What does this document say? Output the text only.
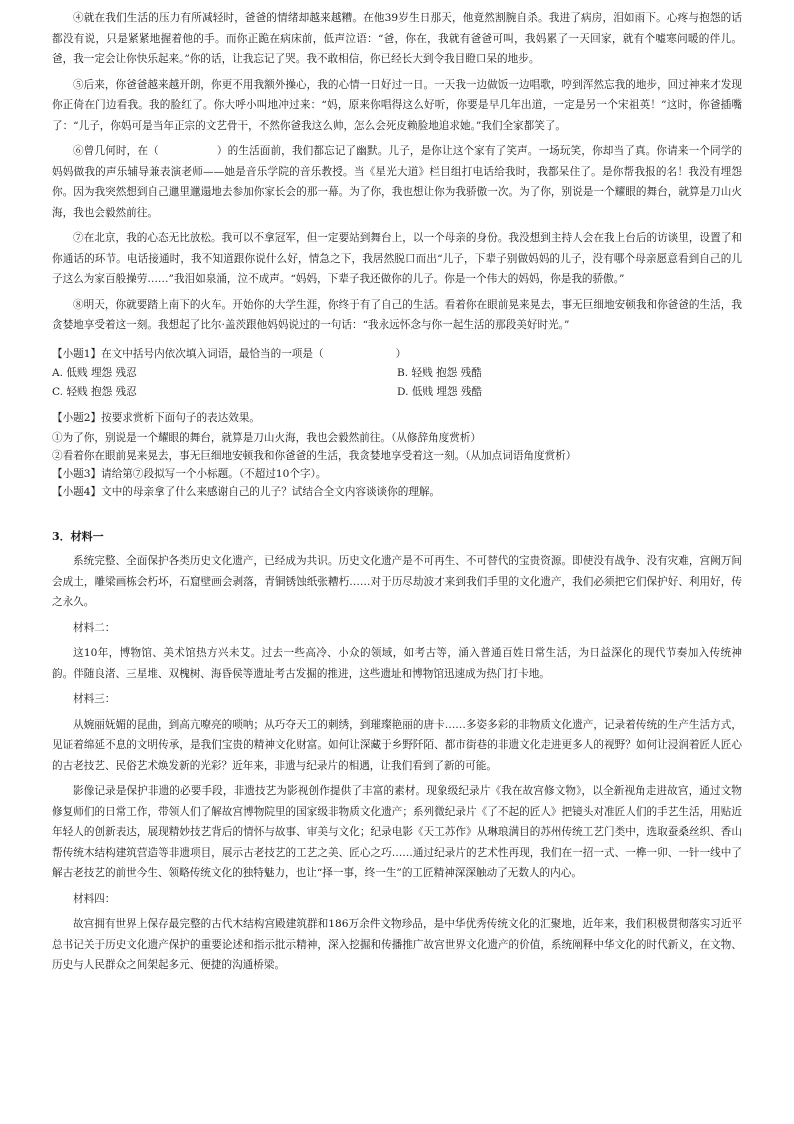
④就在我们生活的压力有所减轻时，爸爸的情绪却越来越糟。在他39岁生日那天，他竟然割腕自杀。我进了病房，泪如雨下。心疼与抱怨的话都没有说，只是紧紧地握着他的手。而你正跪在病床前，低声泣语：“爸，你在，我就有爸爸可叫，我妈累了一天回家，就有个嘘寒问暖的伴儿。爸，我一定会让你快乐起来。”你的话，让我忘记了哭。我不敢相信，你已经长大到令我目瞪口呆的地步。

⑤后来，你爸爸越来越开朗，你更不用我额外操心，我的心情一日好过一日。一天我一边做饭一边唱歌，哼到浑然忘我的地步，回过神来才发现你正倚在门边看我。我的脸红了。你大呼小叫地冲过来：“妈，原来你唱得这么好听，你要是早几年出道，一定是另一个宋祖英！”这时，你爸插嘴了：“儿子，你妈可是当年正宗的文艺骨干，不然你爸我这么帅，怎么会死皮赖脸地追求她。”我们全家都笑了。

⑥曾几何时，在（	）的生活面前，我们都忘记了幽默。儿子，是你让这个家有了笑声。一场玩笑，你却当了真。你请来一个同学的妈妈做我的声乐辅导兼表演老师——她是音乐学院的音乐教授。当《星光大道》栏目组打电话给我时，我都呆住了。是你帮我报的名！我没有埋怨你。因为我突然想到自己邋里邋遢地去参加你家长会的那一幕。为了你，我也想让你为我骄傲一次。为了你，别说是一个耀眼的舞台，就算是刀山火海，我也会毅然前往。

⑦在北京，我的心态无比放松。我可以不拿冠军，但一定要站到舞台上，以一个母亲的身份。我没想到主持人会在我上台后的访谈里，设置了和你通话的环节。电话接通时，我不知道跟你说什么好，情急之下，我居然脱口而出“儿子，下辈子别做妈妈的儿子，没有哪个母亲愿意看到自己的儿子这么为家百般操劳……”我泪如泉涌，泣不成声。“妈妈，下辈子我还做你的儿子。你是一个伟大的妈妈，你是我的骄傲。”

⑧明天，你就要踏上南下的火车。开始你的大学生涯，你终于有了自己的生活。看着你在眼前晃来晃去，事无巨细地安顿我和你爸爸的生活，我贪婪地享受着这一刻。我想起了比尔·盖茨跟他妈妈说过的一句话：“我永远怀念与你一起生活的那段美好时光。”

【小题1】在文中括号内依次填入词语，最恰当的一项是（	）

A. 低贱 埋怨 残忍	B. 轻贱 抱怨 残酷
C. 轻贱 抱怨 残忍	D. 低贱 埋怨 残酷

【小题2】按要求赏析下面句子的表达效果。

①为了你，别说是一个耀眼的舞台，就算是刀山火海，我也会毅然前往。（从修辞角度赏析）

②看着你在眼前晃来晃去，事无巨细地安顿我和你爸爸的生活，我贪婪地享受着这一刻。（从加点词语角度赏析）

【小题3】请给第⑦段拟写一个小标题。（不超过10个字）。

【小题4】文中的母亲拿了什么来感谢自己的儿子？试结合全文内容谈谈你的理解。

3．材料一

系统完整、全面保护各类历史文化遗产，已经成为共识。历史文化遗产是不可再生、不可替代的宝贵资源。即使没有战争、没有灾难，宫阙万间会成土，雕梁画栋会朽坏，石窟壁画会剥落，青铜锈蚀纸张糟朽……对于历尽劫波才来到我们手里的文化遗产，我们必须把它们保护好、利用好，传之永久。

材料二：

这10年，博物馆、美术馆热方兴未艾。过去一些高冷、小众的领域，如考古等，涌入普通百姓日常生活，为日益深化的现代节奏加入传统神韵。伴随良渚、三星堆、双槐树、海昏侯等遗址考古发掘的推进，这些遗址和博物馆迅速成为热门打卡地。

材料三：

从婉丽妩媚的昆曲，到高亢嘹亮的唢呐；从巧夺天工的刺绣，到璀璨艳丽的唐卡……多姿多彩的非物质文化遗产，记录着传统的生产生活方式，见证着绵延不息的文明传承，是我们宝贵的精神文化财富。如何让深藏于乡野阡陌、都市街巷的非遗文化走进更多人的视野？如何让浸润着匠人匠心的古老技艺、民俗艺术焕发新的光彩？近年来，非遗与纪录片的相遇，让我们看到了新的可能。

影像记录是保护非遗的必要手段，非遗技艺为影视创作提供了丰富的素材。现象级纪录片《我在故宫修文物》，以全新视角走进故宫，通过文物修复师们的日常工作，带领人们了解故宫博物院里的国家级非物质文化遗产；系列微纪录片《了不起的匠人》把镜头对准匠人们的手艺生活，用贴近年轻人的创新表达，展现精妙技艺背后的情怀与故事、审美与文化；纪录电影《天工苏作》从琳琅满目的苏州传统工艺门类中，选取蚕桑丝织、香山帮传统木结构建筑营造等非遗项目，展示古老技艺的工艺之美、匠心之巧……通过纪录片的艺术性再现，我们在一招一式、一榫一卯、一针一线中了解古老技艺的前世今生、领略传统文化的独特魅力，也让“择一事，终一生”的工匠精神深深触动了无数人的内心。

材料四：

故宫拥有世界上保存最完整的古代木结构宫殿建筑群和186万余件文物珍品，是中华优秀传统文化的汇聚地，近年来，我们积极贯彻落实习近平总书记关于历史文化遗产保护的重要论述和指示批示精神，深入挖掘和传播推广故宫世界文化遗产的价值，系统阐释中华文化的时代新义，在文物、历史与人民群众之间架起多元、便捷的沟通桥梁。
